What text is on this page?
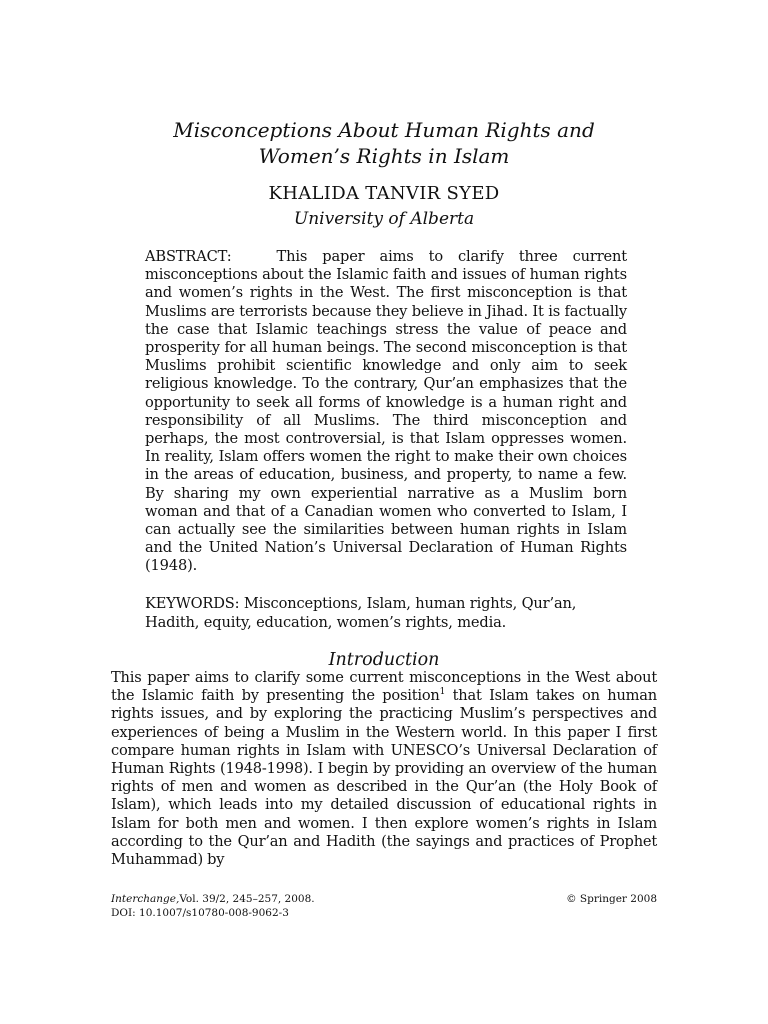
Misconceptions About Human Rights and
Women’s Rights in Islam
KHALIDA TANVIR SYED
University of Alberta
ABSTRACT:   This paper aims to clarify three current misconceptions about the Islamic faith and issues of human rights and women’s rights in the West. The first misconception is that Muslims are terrorists because they believe in Jihad. It is factually the case that Islamic teachings stress the value of peace and prosperity for all human beings. The second misconception is that Muslims prohibit scientific knowledge and only aim to seek religious knowledge. To the contrary, Qur’an emphasizes that the opportunity to seek all forms of knowledge is a human right and responsibility of all Muslims. The third misconception and perhaps, the most controversial, is that Islam oppresses women. In reality, Islam offers women the right to make their own choices in the areas of education, business, and property, to name a few. By sharing my own experiential narrative as a Muslim born woman and that of a Canadian women who converted to Islam, I can actually see the similarities between human rights in Islam and the United Nation’s Universal Declaration of Human Rights (1948).
KEYWORDS: Misconceptions, Islam, human rights, Qur’an, Hadith, equity, education, women’s rights, media.
Introduction
This paper aims to clarify some current misconceptions in the West about the Islamic faith by presenting the position$^1$ that Islam takes on human rights issues, and by exploring the practicing Muslim’s perspectives and experiences of being a Muslim in the Western world. In this paper I first compare human rights in Islam with UNESCO’s Universal Declaration of Human Rights (1948-1998). I begin by providing an overview of the human rights of men and women as described in the Qur’an (the Holy Book of Islam), which leads into my detailed discussion of educational rights in Islam for both men and women. I then explore women’s rights in Islam according to the Qur’an and Hadith (the sayings and practices of Prophet Muhammad) by
Interchange,Vol. 39/2, 245–257, 2008.	© Springer 2008
DOI: 10.1007/s10780-008-9062-3
